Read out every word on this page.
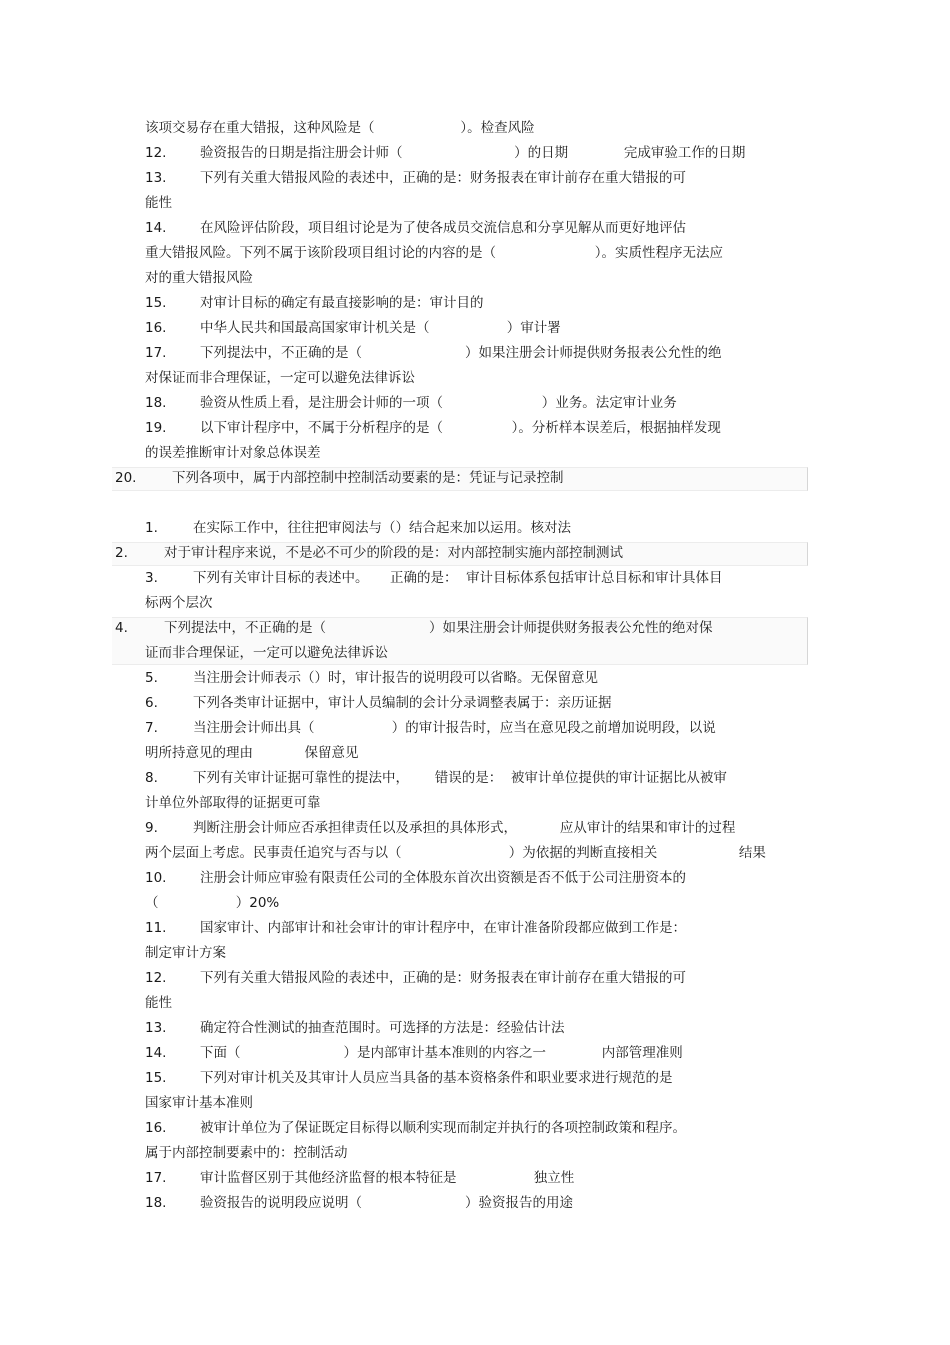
该项交易存在重大错报，这种风险是（                    ）。检查风险
12. 验资报告的日期是指注册会计师（                          ）的日期             完成审验工作的日期
13. 下列有关重大错报风险的表述中，正确的是：财务报表在审计前存在重大错报的可
能性
14. 在风险评估阶段，项目组讨论是为了使各成员交流信息和分享见解从而更好地评估
重大错报风险。下列不属于该阶段项目组讨论的内容的是（                       ）。实质性程序无法应
对的重大错报风险
15. 对审计目标的确定有最直接影响的是：审计目的
16. 中华人民共和国最高国家审计机关是（                  ）审计署
17. 下列提法中，不正确的是（                        ）如果注册会计师提供财务报表公允性的绝
对保证而非合理保证，一定可以避免法律诉讼
18. 验资从性质上看，是注册会计师的一项（                       ）业务。法定审计业务
19. 以下审计程序中，不属于分析程序的是（                ）。分析样本误差后，根据抽样发现
的误差推断审计对象总体误差
20.	下列各项中，属于内部控制中控制活动要素的是：凭证与记录控制
1.	在实际工作中，往往把审阅法与（）结合起来加以运用。核对法
2.	对于审计程序来说，不是必不可少的阶段的是：对内部控制实施内部控制测试
3.	下列有关审计目标的表述中。     正确的是：  审计目标体系包括审计总目标和审计具体目
标两个层次
4.	下列提法中，不正确的是（                        ）如果注册会计师提供财务报表公允性的绝对保
证而非合理保证，一定可以避免法律诉讼
5.	当注册会计师表示（）时，审计报告的说明段可以省略。无保留意见
6.	下列各类审计证据中，审计人员编制的会计分录调整表属于：亲历证据
7.	当注册会计师出具（                  ）的审计报告时，应当在意见段之前增加说明段，以说
明所持意见的理由            保留意见
8.	下列有关审计证据可靠性的提法中，      错误的是：  被审计单位提供的审计证据比从被审
计单位外部取得的证据更可靠
9.	判断注册会计师应否承担律责任以及承担的具体形式，          应从审计的结果和审计的过程
两个层面上考虑。民事责任追究与否与以（                         ）为依据的判断直接相关                   结果
10. 注册会计师应审验有限责任公司的全体股东首次出资额是否不低于公司注册资本的
（                  ）20%
11. 国家审计、内部审计和社会审计的审计程序中，在审计准备阶段都应做到工作是：
制定审计方案
12. 下列有关重大错报风险的表述中，正确的是：财务报表在审计前存在重大错报的可
能性
13. 确定符合性测试的抽查范围时。可选择的方法是：经验估计法
14. 下面（                        ）是内部审计基本准则的内容之一             内部管理准则
15. 下列对审计机关及其审计人员应当具备的基本资格条件和职业要求进行规范的是
国家审计基本准则
16. 被审计单位为了保证既定目标得以顺利实现而制定并执行的各项控制政策和程序。
属于内部控制要素中的：控制活动
17. 审计监督区别于其他经济监督的根本特征是                  独立性
18. 验资报告的说明段应说明（                        ）验资报告的用途
